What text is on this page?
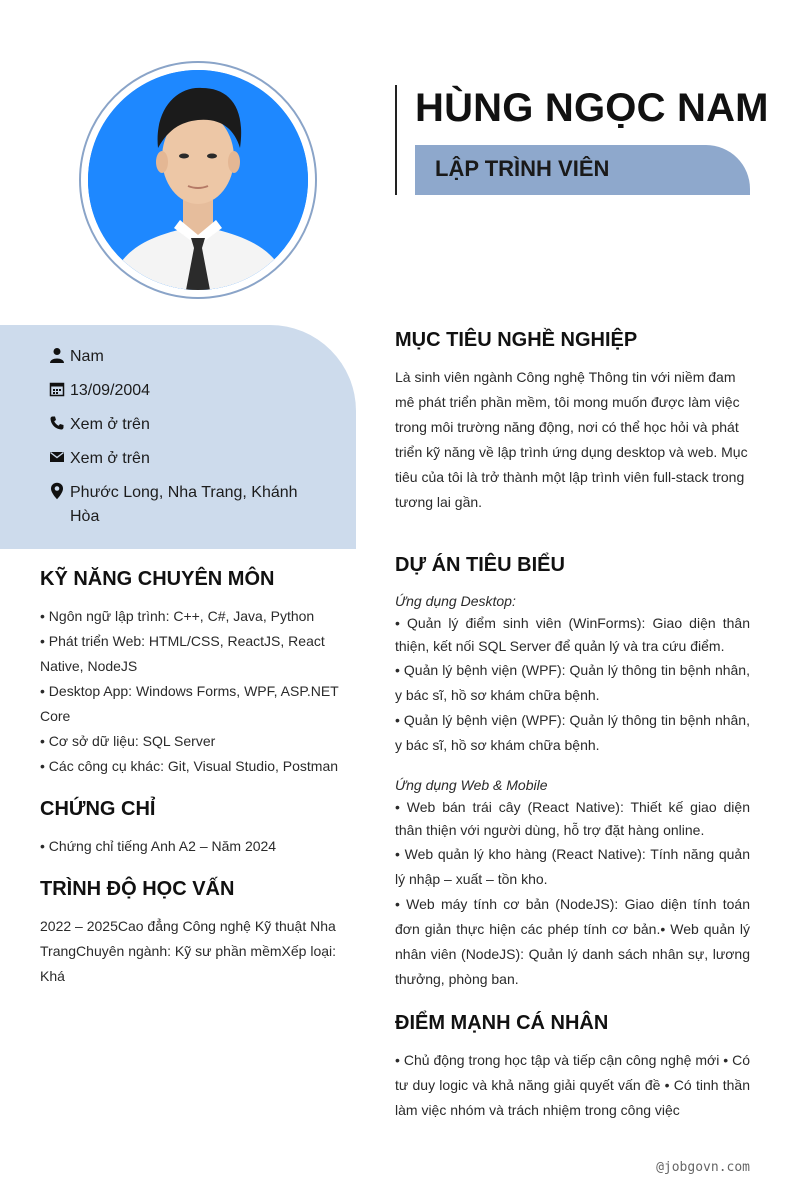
HÙNG NGỌC NAM
LẬP TRÌNH VIÊN
Nam
13/09/2004
Xem ở trên
Xem ở trên
Phước Long, Nha Trang, Khánh Hòa
KỸ NĂNG CHUYÊN MÔN
• Ngôn ngữ lập trình: C++, C#, Java, Python
• Phát triển Web: HTML/CSS, ReactJS, React Native, NodeJS
• Desktop App: Windows Forms, WPF, ASP.NET Core
• Cơ sở dữ liệu: SQL Server
• Các công cụ khác: Git, Visual Studio, Postman
CHỨNG CHỈ
• Chứng chỉ tiếng Anh A2 – Năm 2024
TRÌNH ĐỘ HỌC VẤN
2022 – 2025Cao đẳng Công nghệ Kỹ thuật Nha TrangChuyên ngành: Kỹ sư phần mềmXếp loại: Khá
MỤC TIÊU NGHỀ NGHIỆP
Là sinh viên ngành Công nghệ Thông tin với niềm đam mê phát triển phần mềm, tôi mong muốn được làm việc trong môi trường năng động, nơi có thể học hỏi và phát triển kỹ năng về lập trình ứng dụng desktop và web. Mục tiêu của tôi là trở thành một lập trình viên full-stack trong tương lai gần.
DỰ ÁN TIÊU BIỂU
Ứng dụng Desktop:
• Quản lý điểm sinh viên (WinForms): Giao diện thân thiện, kết nối SQL Server để quản lý và tra cứu điểm.
• Quản lý bệnh viện (WPF): Quản lý thông tin bệnh nhân, y bác sĩ, hồ sơ khám chữa bệnh.
• Quản lý bệnh viện (WPF): Quản lý thông tin bệnh nhân, y bác sĩ, hồ sơ khám chữa bệnh.
Ứng dụng Web & Mobile
• Web bán trái cây (React Native): Thiết kế giao diện thân thiện với người dùng, hỗ trợ đặt hàng online.
• Web quản lý kho hàng (React Native): Tính năng quản lý nhập – xuất – tồn kho.
• Web máy tính cơ bản (NodeJS): Giao diện tính toán đơn giản thực hiện các phép tính cơ bản.• Web quản lý nhân viên (NodeJS): Quản lý danh sách nhân sự, lương thưởng, phòng ban.
ĐIỂM MẠNH CÁ NHÂN
• Chủ động trong học tập và tiếp cận công nghệ mới • Có tư duy logic và khả năng giải quyết vấn đề • Có tinh thần làm việc nhóm và trách nhiệm trong công việc
@jobgovn.com
